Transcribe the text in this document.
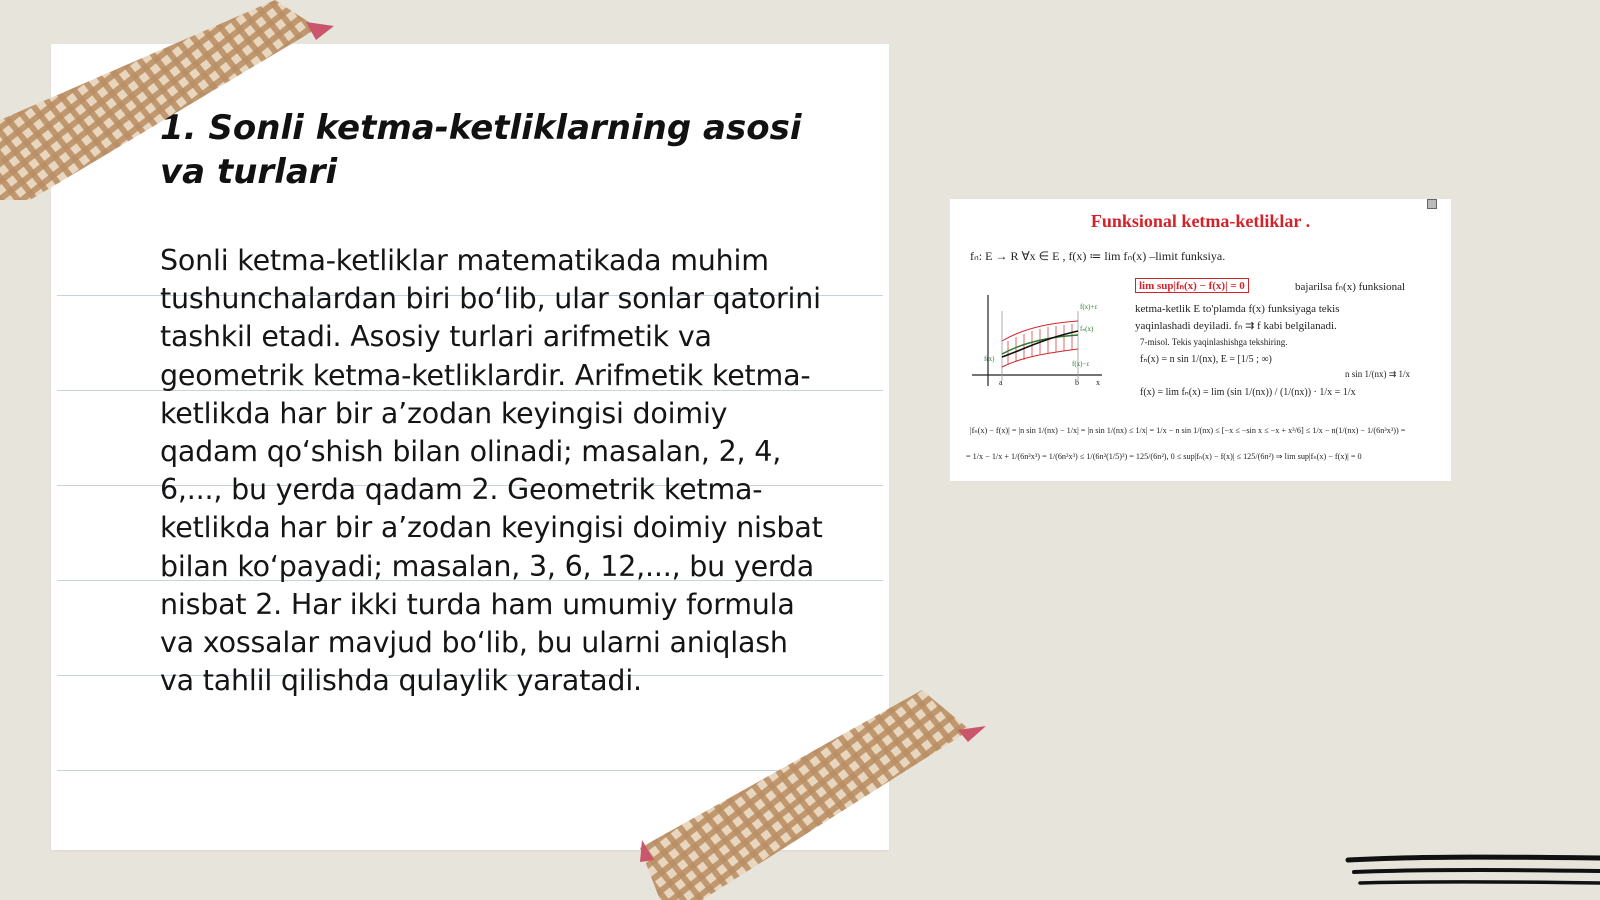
1. Sonli ketma-ketliklarning asosi va turlari

Sonli ketma-ketliklar matematikada muhim tushunchalardan biri bo‘lib, ular sonlar qatorini tashkil etadi. Asosiy turlari arifmetik va geometrik ketma-ketliklardir. Arifmetik ketma-ketlikda har bir a’zodan keyingisi doimiy qadam qo‘shish bilan olinadi; masalan, 2, 4, 6,..., bu yerda qadam 2. Geometrik ketma-ketlikda har bir a’zodan keyingisi doimiy nisbat bilan ko‘payadi; masalan, 3, 6, 12,..., bu yerda nisbat 2. Har ikki turda ham umumiy formula va xossalar mavjud bo‘lib, bu ularni aniqlash va tahlil qilishda qulaylik yaratadi.

Funksional ketma-ketliklar .
fₙ: E → R ∀x ∈ E , f(x) ≔ lim fₙ(x) –limit funksiya.
f(x)+ε
fₙ(x)
f(x)
f(x)−ε
a	b x
lim sup|fₙ(x) − f(x)| = 0	bajarilsa fₙ(x) funksional
ketma-ketlik E to'plamda f(x) funksiyaga tekis
yaqinlashadi deyiladi. fₙ ⇉ f kabi belgilanadi.
7-misol. Tekis yaqinlashishga tekshiring.
fₙ(x) = n sin 1/(nx), E = [1/5 ; ∞)
n sin 1/(nx) ⇉ 1/x
f(x) = lim fₙ(x) = lim (sin 1/(nx)) / (1/(nx)) · 1/x = 1/x
|fₙ(x) − f(x)| = |n sin 1/(nx) − 1/x| = |n sin 1/(nx) ≤ 1/x| = 1/x − n sin 1/(nx) ≤ [−x ≤ −sin x ≤ −x + x³/6] ≤ 1/x − n(1/(nx) − 1/(6n³x³)) =
= 1/x − 1/x + 1/(6n²x³) = 1/(6n²x³) ≤ 1/(6n²(1/5)³) = 125/(6n²), 0 ≤ sup|fₙ(x) − f(x)| ≤ 125/(6n²) ⇒ lim sup|fₙ(x) − f(x)| = 0
